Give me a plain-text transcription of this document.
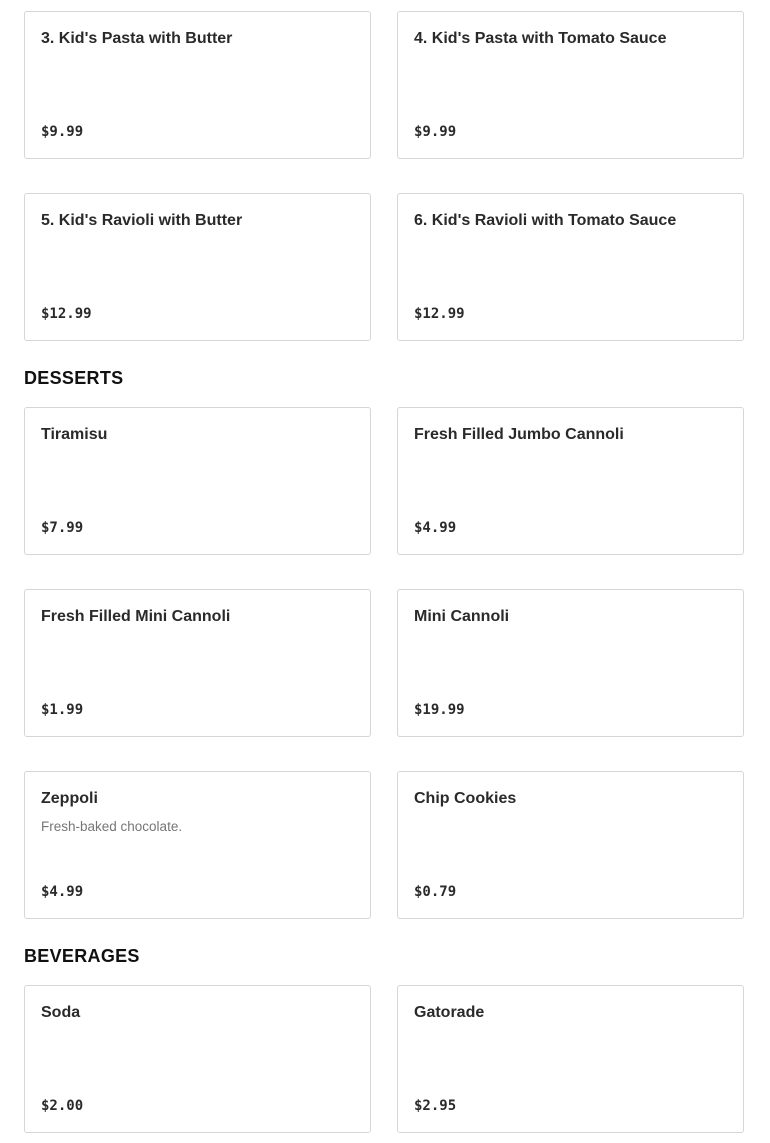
3. Kid's Pasta with Butter
$9.99
4. Kid's Pasta with Tomato Sauce
$9.99
5. Kid's Ravioli with Butter
$12.99
6. Kid's Ravioli with Tomato Sauce
$12.99
DESSERTS
Tiramisu
$7.99
Fresh Filled Jumbo Cannoli
$4.99
Fresh Filled Mini Cannoli
$1.99
Mini Cannoli
$19.99
Zeppoli
Fresh-baked chocolate.
$4.99
Chip Cookies
$0.79
BEVERAGES
Soda
$2.00
Gatorade
$2.95
